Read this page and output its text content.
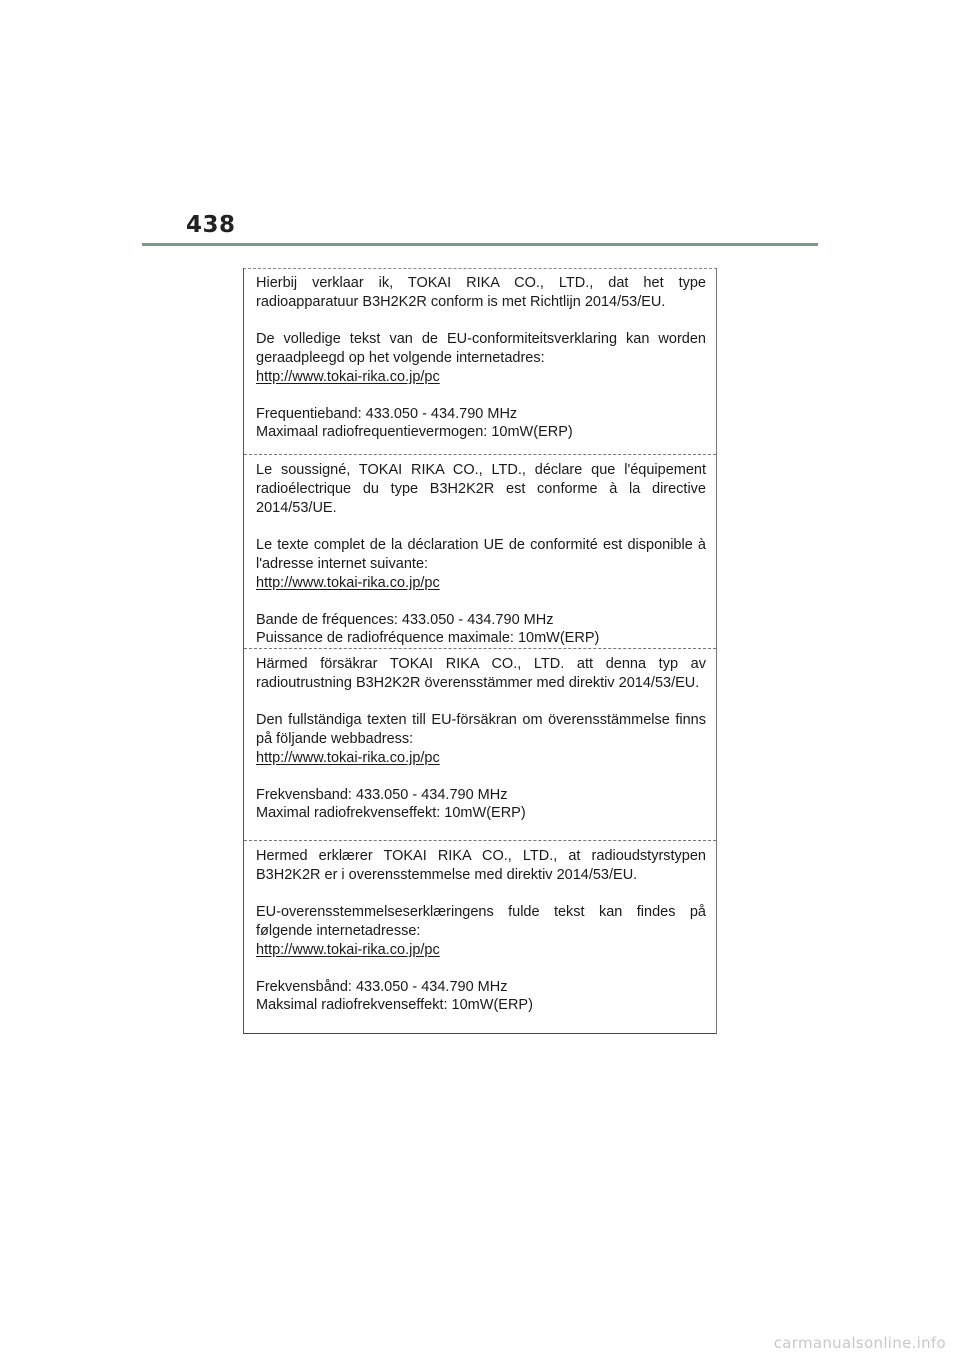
438

Hierbij verklaar ik, TOKAI RIKA CO., LTD., dat het type radioapparatuur B3H2K2R conform is met Richtlijn 2014/53/EU.

De volledige tekst van de EU-conformiteitsverklaring kan worden geraadpleegd op het volgende internetadres:

http://www.tokai-rika.co.jp/pc

Frequentieband: 433.050 - 434.790 MHz

Maximaal radiofrequentievermogen: 10mW(ERP)

Le soussigné, TOKAI RIKA CO., LTD., déclare que l'équipement radioélectrique du type B3H2K2R est conforme à la directive 2014/53/UE.

Le texte complet de la déclaration UE de conformité est disponible à l'adresse internet suivante:

http://www.tokai-rika.co.jp/pc

Bande de fréquences: 433.050 - 434.790 MHz

Puissance de radiofréquence maximale: 10mW(ERP)

Härmed försäkrar TOKAI RIKA CO., LTD. att denna typ av radioutrustning B3H2K2R överensstämmer med direktiv 2014/53/EU.

Den fullständiga texten till EU-försäkran om överensstämmelse finns på följande webbadress:

http://www.tokai-rika.co.jp/pc

Frekvensband: 433.050 - 434.790 MHz

Maximal radiofrekvenseffekt: 10mW(ERP)

Hermed erklærer TOKAI RIKA CO., LTD., at radioudstyrstypen B3H2K2R er i overensstemmelse med direktiv 2014/53/EU.

EU-overensstemmelseserklæringens fulde tekst kan findes på følgende internetadresse:

http://www.tokai-rika.co.jp/pc

Frekvensbånd: 433.050 - 434.790 MHz

Maksimal radiofrekvenseffekt: 10mW(ERP)

carmanualsonline.info
